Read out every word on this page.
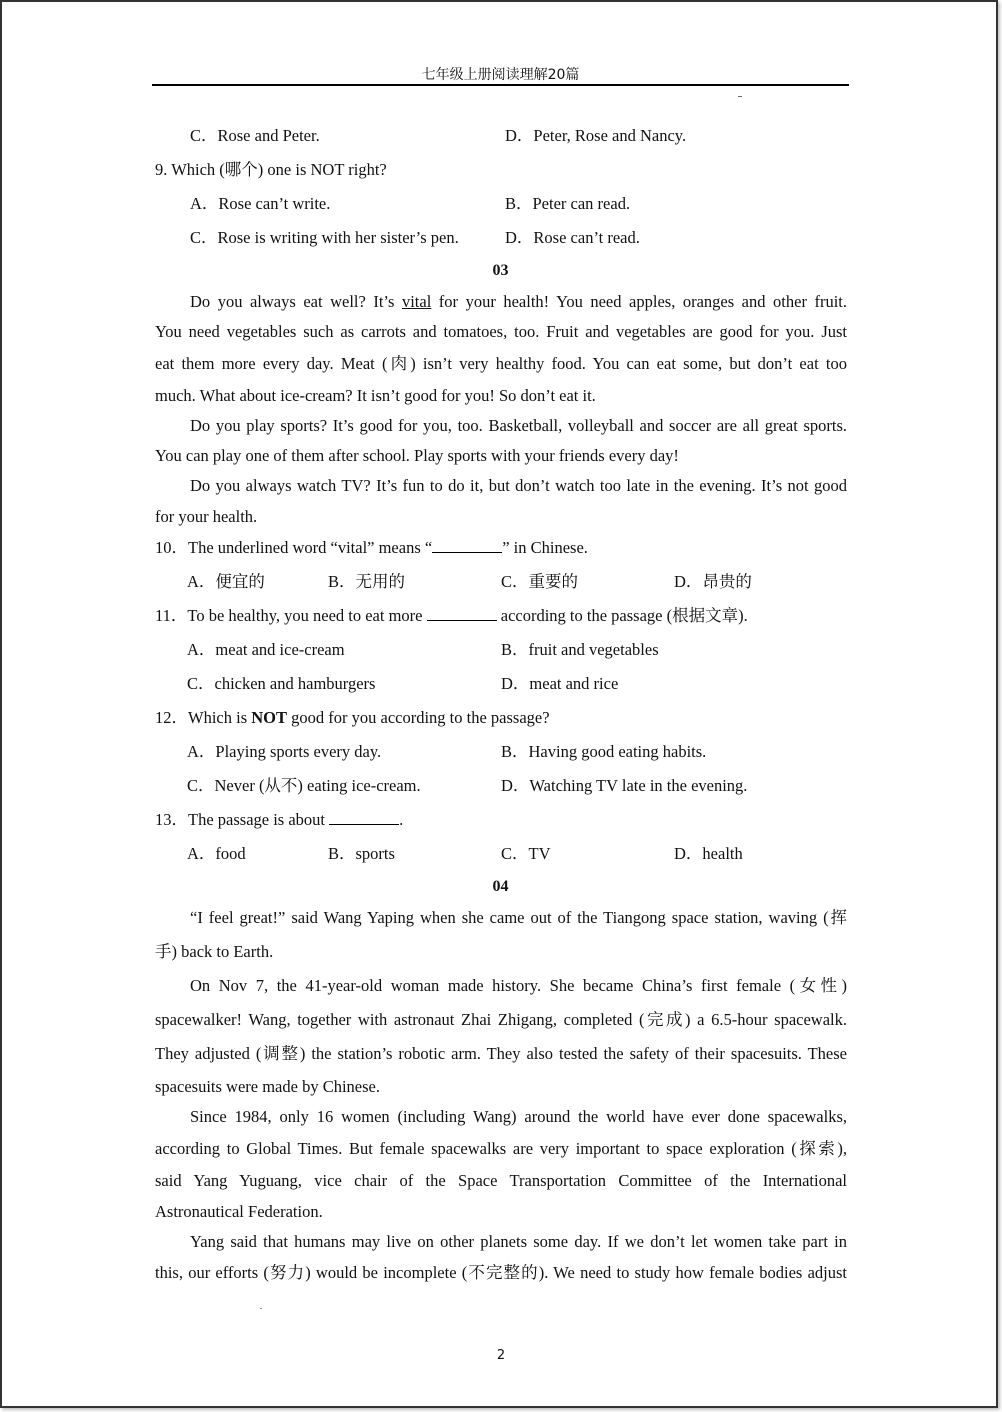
七年级上册阅读理解20篇
C．Rose and Peter.	D．Peter, Rose and Nancy.
9. Which (哪个) one is NOT right?
A．Rose can’t write.	B．Peter can read.
C．Rose is writing with her sister’s pen.	D．Rose can’t read.
03
Do you always eat well? It’s vital for your health! You need apples, oranges and other fruit.
You need vegetables such as carrots and tomatoes, too. Fruit and vegetables are good for you. Just
eat them more every day. Meat (肉) isn’t very healthy food. You can eat some, but don’t eat too
much. What about ice-cream? It isn’t good for you! So don’t eat it.
Do you play sports? It’s good for you, too. Basketball, volleyball and soccer are all great sports.
You can play one of them after school. Play sports with your friends every day!
Do you always watch TV? It’s fun to do it, but don’t watch too late in the evening. It’s not good
for your health.
10．The underlined word “vital” means “	” in Chinese.
A．便宜的	B．无用的	C．重要的	D．昂贵的
11．To be healthy, you need to eat more	according to the passage (根据文章).
A．meat and ice-cream	B．fruit and vegetables
C．chicken and hamburgers	D．meat and rice
12．Which is NOT good for you according to the passage?
A．Playing sports every day.	B．Having good eating habits.
C．Never (从不) eating ice-cream.	D．Watching TV late in the evening.
13．The passage is about	.
A．food	B．sports	C．TV	D．health
04
“I feel great!” said Wang Yaping when she came out of the Tiangong space station, waving (挥
手) back to Earth.
On Nov 7, the 41-year-old woman made history. She became China’s first female (女性)
spacewalker! Wang, together with astronaut Zhai Zhigang, completed (完成) a 6.5-hour spacewalk.
They adjusted (调整) the station’s robotic arm. They also tested the safety of their spacesuits. These
spacesuits were made by Chinese.
Since 1984, only 16 women (including Wang) around the world have ever done spacewalks,
according to Global Times. But female spacewalks are very important to space exploration (探索),
said Yang Yuguang, vice chair of the Space Transportation Committee of the International
Astronautical Federation.
Yang said that humans may live on other planets some day. If we don’t let women take part in
this, our efforts (努力) would be incomplete (不完整的). We need to study how female bodies adjust
2
